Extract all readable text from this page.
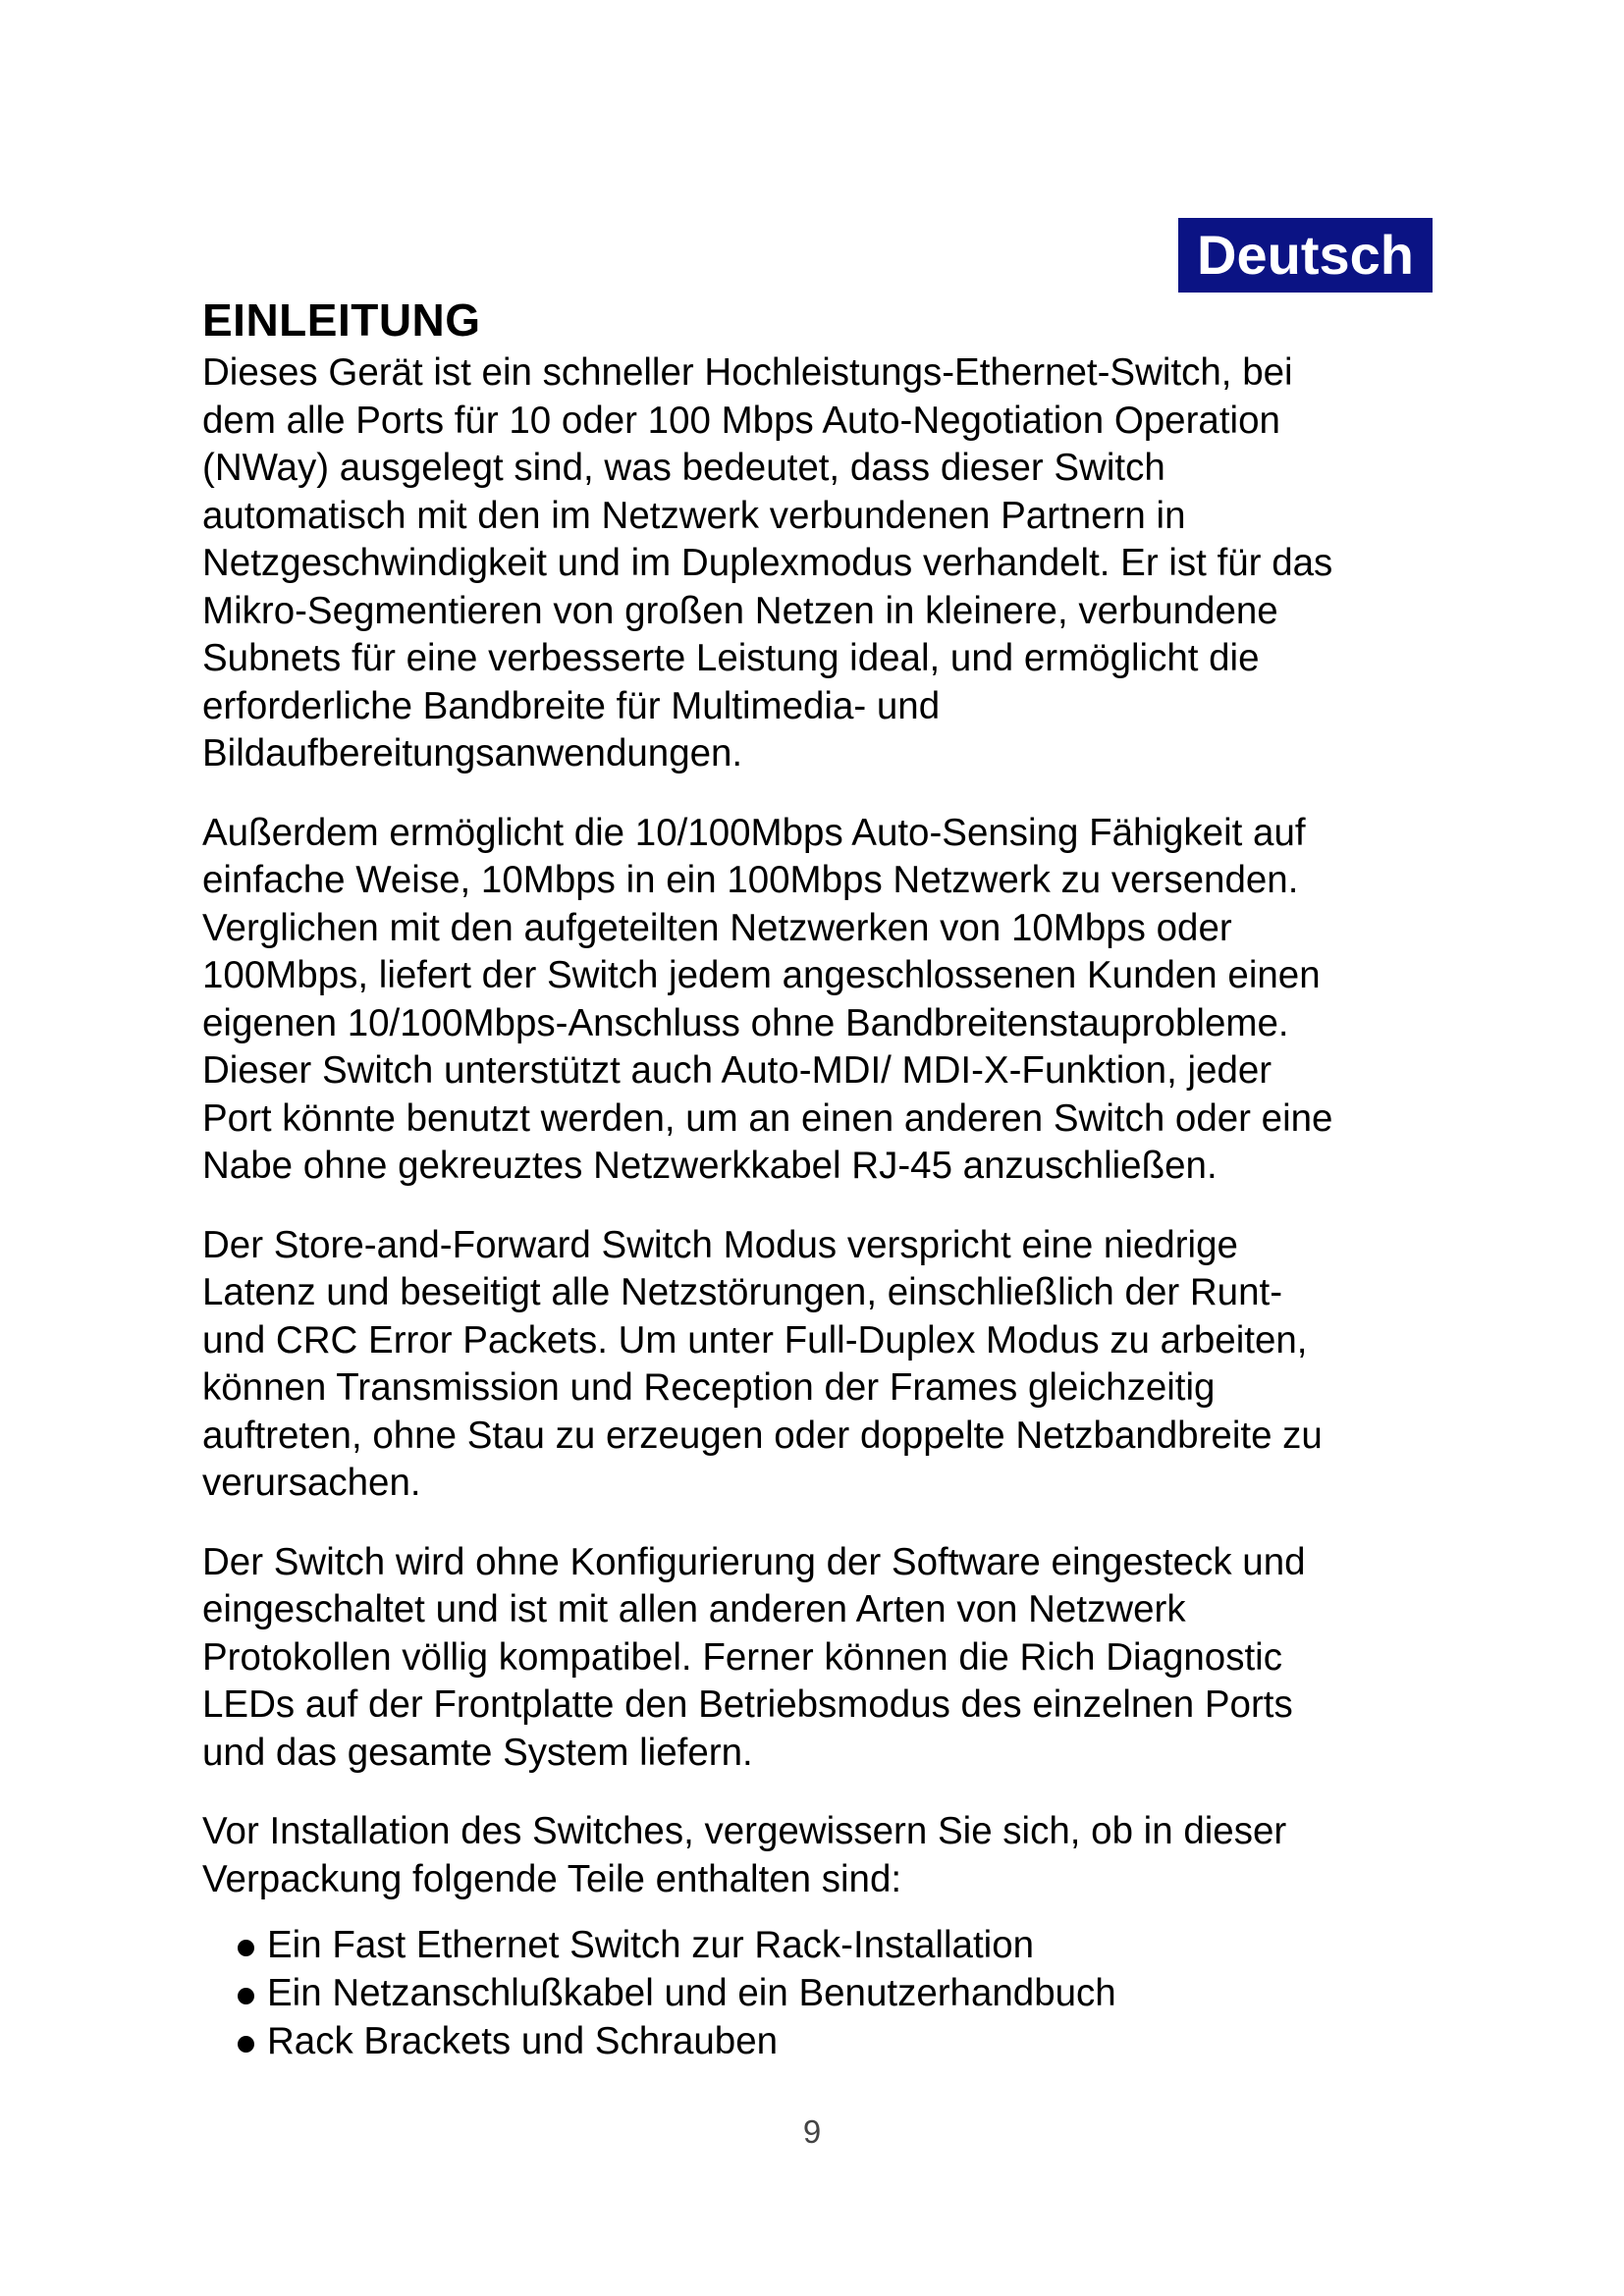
Deutsch
EINLEITUNG

Dieses Gerät ist ein schneller Hochleistungs-Ethernet-Switch, bei
dem alle Ports für 10 oder 100 Mbps Auto-Negotiation Operation
(NWay) ausgelegt sind, was bedeutet, dass dieser Switch
automatisch mit den im Netzwerk verbundenen Partnern in
Netzgeschwindigkeit und im Duplexmodus verhandelt. Er ist für das
Mikro-Segmentieren von großen Netzen in kleinere, verbundene
Subnets für eine verbesserte Leistung ideal, und ermöglicht die
erforderliche Bandbreite für Multimedia- und
Bildaufbereitungsanwendungen.

Außerdem ermöglicht die 10/100Mbps Auto-Sensing Fähigkeit auf
einfache Weise, 10Mbps in ein 100Mbps Netzwerk zu versenden.
Verglichen mit den aufgeteilten Netzwerken von 10Mbps oder
100Mbps, liefert der Switch jedem angeschlossenen Kunden einen
eigenen 10/100Mbps-Anschluss ohne Bandbreitenstauprobleme.
Dieser Switch unterstützt auch Auto-MDI/ MDI-X-Funktion, jeder
Port könnte benutzt werden, um an einen anderen Switch oder eine
Nabe ohne gekreuztes Netzwerkkabel RJ-45 anzuschließen.

Der Store-and-Forward Switch Modus verspricht eine niedrige
Latenz und beseitigt alle Netzstörungen, einschließlich der Runt-
und CRC Error Packets. Um unter Full-Duplex Modus zu arbeiten,
können Transmission und Reception der Frames gleichzeitig
auftreten, ohne Stau zu erzeugen oder doppelte Netzbandbreite zu
verursachen.

Der Switch wird ohne Konfigurierung der Software eingesteck und
eingeschaltet und ist mit allen anderen Arten von Netzwerk
Protokollen völlig kompatibel. Ferner können die Rich Diagnostic
LEDs auf der Frontplatte den Betriebsmodus des einzelnen Ports
und das gesamte System liefern.

Vor Installation des Switches, vergewissern Sie sich, ob in dieser
Verpackung folgende Teile enthalten sind:

Ein Fast Ethernet Switch zur Rack-Installation
Ein Netzanschlußkabel und ein Benutzerhandbuch
Rack Brackets und Schrauben
9
